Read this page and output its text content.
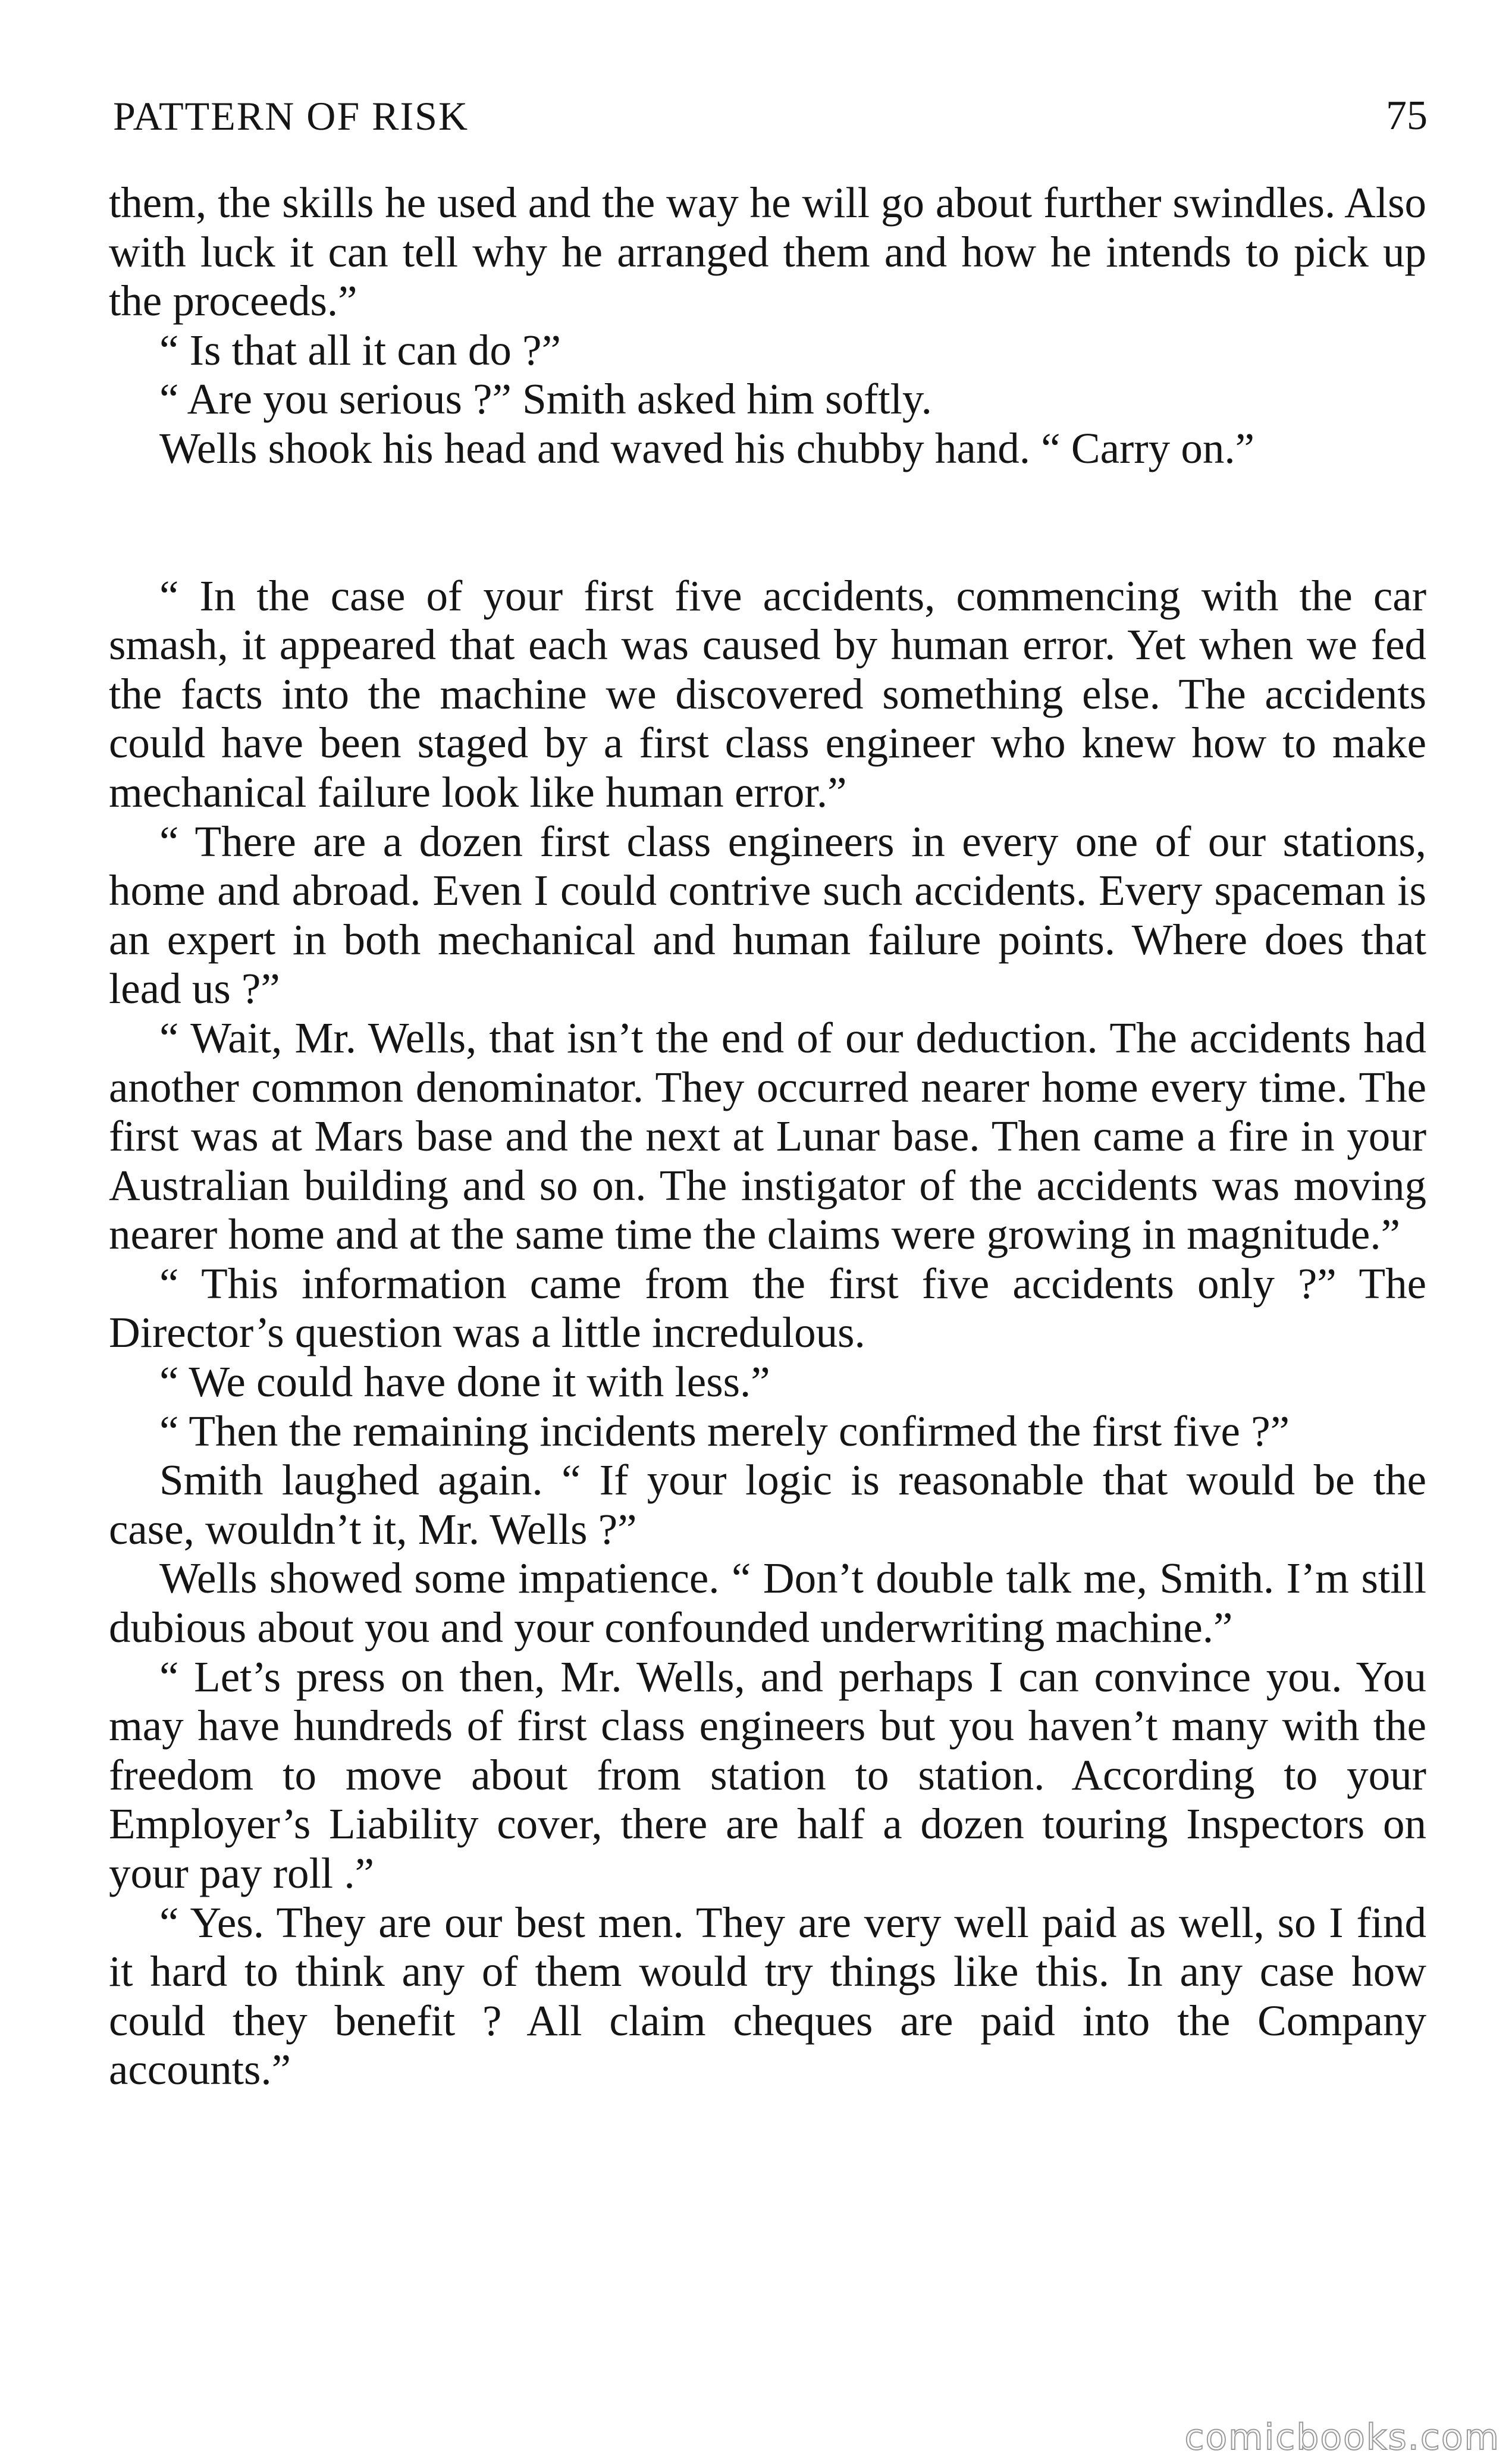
PATTERN OF RISK	75

them, the skills he used and the way he will go about further swindles. Also with luck it can tell why he arranged them and how he intends to pick up the proceeds.”

“ Is that all it can do ?”

“ Are you serious ?” Smith asked him softly.

Wells shook his head and waved his chubby hand. “ Carry on.”

“ In the case of your first five accidents, commencing with the car smash, it appeared that each was caused by human error. Yet when we fed the facts into the machine we discovered something else. The accidents could have been staged by a first class engineer who knew how to make mechanical failure look like human error.”

“ There are a dozen first class engineers in every one of our stations, home and abroad. Even I could contrive such accidents. Every spaceman is an expert in both mechanical and human failure points. Where does that lead us ?”

“ Wait, Mr. Wells, that isn’t the end of our deduction. The accidents had another common denominator. They occurred nearer home every time. The first was at Mars base and the next at Lunar base. Then came a fire in your Australian building and so on. The instigator of the accidents was moving nearer home and at the same time the claims were growing in magnitude.”

“ This information came from the first five accidents only ?” The Director’s question was a little incredulous.

“ We could have done it with less.”

“ Then the remaining incidents merely confirmed the first five ?”

Smith laughed again. “ If your logic is reasonable that would be the case, wouldn’t it, Mr. Wells ?”

Wells showed some impatience. “ Don’t double talk me, Smith. I’m still dubious about you and your confounded underwriting machine.”

“ Let’s press on then, Mr. Wells, and perhaps I can convince you. You may have hundreds of first class engineers but you haven’t many with the freedom to move about from station to station. According to your Employer’s Liability cover, there are half a dozen touring Inspectors on your pay roll .”

“ Yes. They are our best men. They are very well paid as well, so I find it hard to think any of them would try things like this. In any case how could they benefit ? All claim cheques are paid into the Company accounts.”

comicbooks.com
